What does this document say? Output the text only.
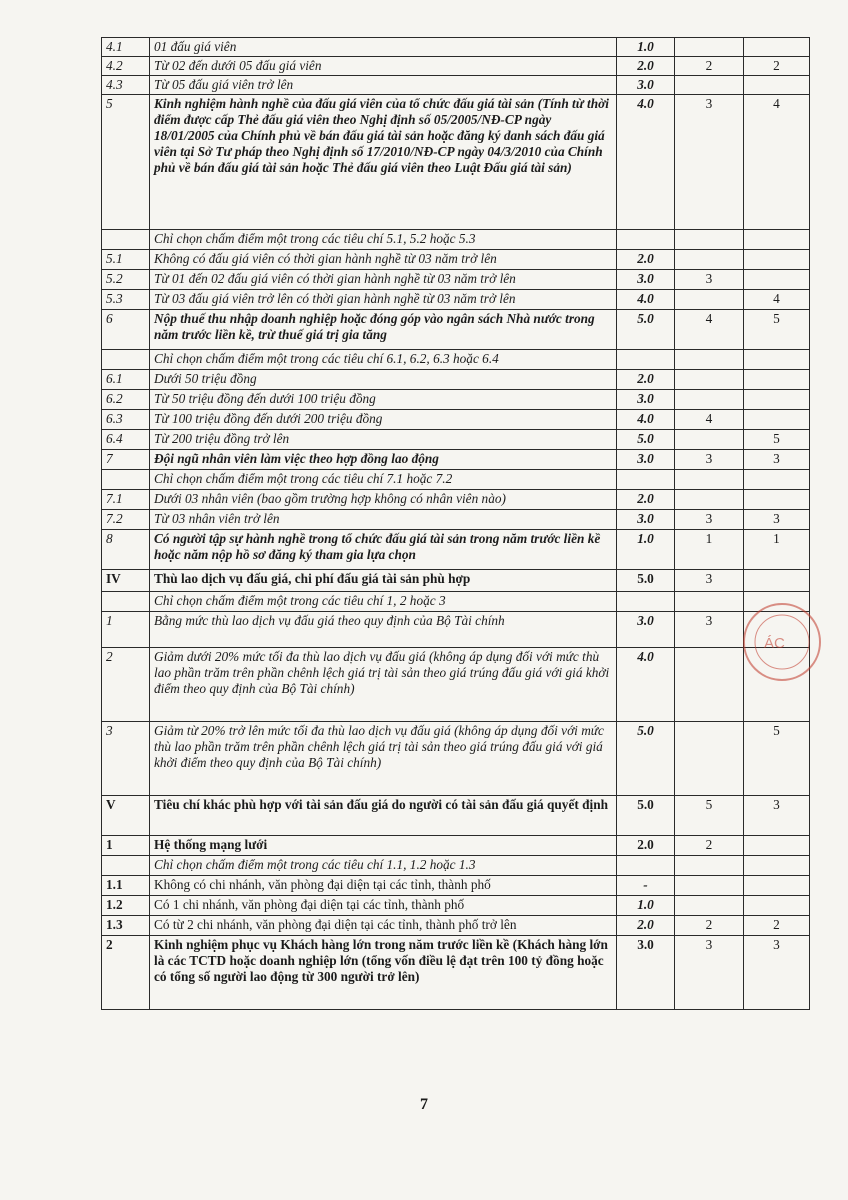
4.1	01 đấu giá viên	1.0		
4.2	Từ 02 đến dưới 05 đấu giá viên	2.0	2	2
4.3	Từ 05 đấu giá viên trở lên	3.0		
5	Kinh nghiệm hành nghề của đấu giá viên của tổ chức đấu giá tài sản (Tính từ thời điểm được cấp Thẻ đấu giá viên theo Nghị định số 05/2005/NĐ-CP ngày 18/01/2005 của Chính phủ về bán đấu giá tài sản hoặc đăng ký danh sách đấu giá viên tại Sở Tư pháp theo Nghị định số 17/2010/NĐ-CP ngày 04/3/2010 của Chính phủ về bán đấu giá tài sản hoặc Thẻ đấu giá viên theo Luật Đấu giá tài sản)	4.0	3	4
	Chỉ chọn chấm điểm một trong các tiêu chí 5.1, 5.2 hoặc 5.3			
5.1	Không có đấu giá viên có thời gian hành nghề từ 03 năm trở lên	2.0		
5.2	Từ 01 đến 02 đấu giá viên có thời gian hành nghề từ 03 năm trở lên	3.0	3	
5.3	Từ 03 đấu giá viên trở lên có thời gian hành nghề từ 03 năm trở lên	4.0		4
6	Nộp thuế thu nhập doanh nghiệp hoặc đóng góp vào ngân sách Nhà nước trong năm trước liền kề, trừ thuế giá trị gia tăng	5.0	4	5
	Chỉ chọn chấm điểm một trong các tiêu chí 6.1, 6.2, 6.3 hoặc 6.4			
6.1	Dưới 50 triệu đồng	2.0		
6.2	Từ 50 triệu đồng đến dưới 100 triệu đồng	3.0		
6.3	Từ 100 triệu đồng đến dưới 200 triệu đồng	4.0	4	
6.4	Từ 200 triệu đồng trở lên	5.0		5
7	Đội ngũ nhân viên làm việc theo hợp đồng lao động	3.0	3	3
	Chỉ chọn chấm điểm một trong các tiêu chí 7.1 hoặc 7.2			
7.1	Dưới 03 nhân viên (bao gồm trường hợp không có nhân viên nào)	2.0		
7.2	Từ 03 nhân viên trở lên	3.0	3	3
8	Có người tập sự hành nghề trong tổ chức đấu giá tài sản trong năm trước liền kề hoặc năm nộp hồ sơ đăng ký tham gia lựa chọn	1.0	1	1
IV	Thù lao dịch vụ đấu giá, chi phí đấu giá tài sản phù hợp	5.0	3	
	Chỉ chọn chấm điểm một trong các tiêu chí 1, 2 hoặc 3			
1	Bằng mức thù lao dịch vụ đấu giá theo quy định của Bộ Tài chính	3.0	3	
2	Giảm dưới 20% mức tối đa thù lao dịch vụ đấu giá (không áp dụng đối với mức thù lao phần trăm trên phần chênh lệch giá trị tài sản theo giá trúng đấu giá với giá khởi điểm theo quy định của Bộ Tài chính)	4.0		
3	Giảm từ 20% trở lên mức tối đa thù lao dịch vụ đấu giá (không áp dụng đối với mức thù lao phần trăm trên phần chênh lệch giá trị tài sản theo giá trúng đấu giá với giá khởi điểm theo quy định của Bộ Tài chính)	5.0		5
V	Tiêu chí khác phù hợp với tài sản đấu giá do người có tài sản đấu giá quyết định	5.0	5	3
1	Hệ thống mạng lưới	2.0	2	
	Chỉ chọn chấm điểm một trong các tiêu chí 1.1, 1.2 hoặc 1.3			
1.1	Không có chi nhánh, văn phòng đại diện tại các tỉnh, thành phố	-		
1.2	Có 1 chi nhánh, văn phòng đại diện tại các tỉnh, thành phố	1.0		
1.3	Có từ 2 chi nhánh, văn phòng đại diện tại các tỉnh, thành phố trở lên	2.0	2	2
2	Kinh nghiệm phục vụ Khách hàng lớn trong năm trước liền kề (Khách hàng lớn là các TCTD hoặc doanh nghiệp lớn (tổng vốn điều lệ đạt trên 100 tỷ đồng hoặc có tổng số người lao động từ 300 người trở lên)	3.0	3	3
ÁC
7
